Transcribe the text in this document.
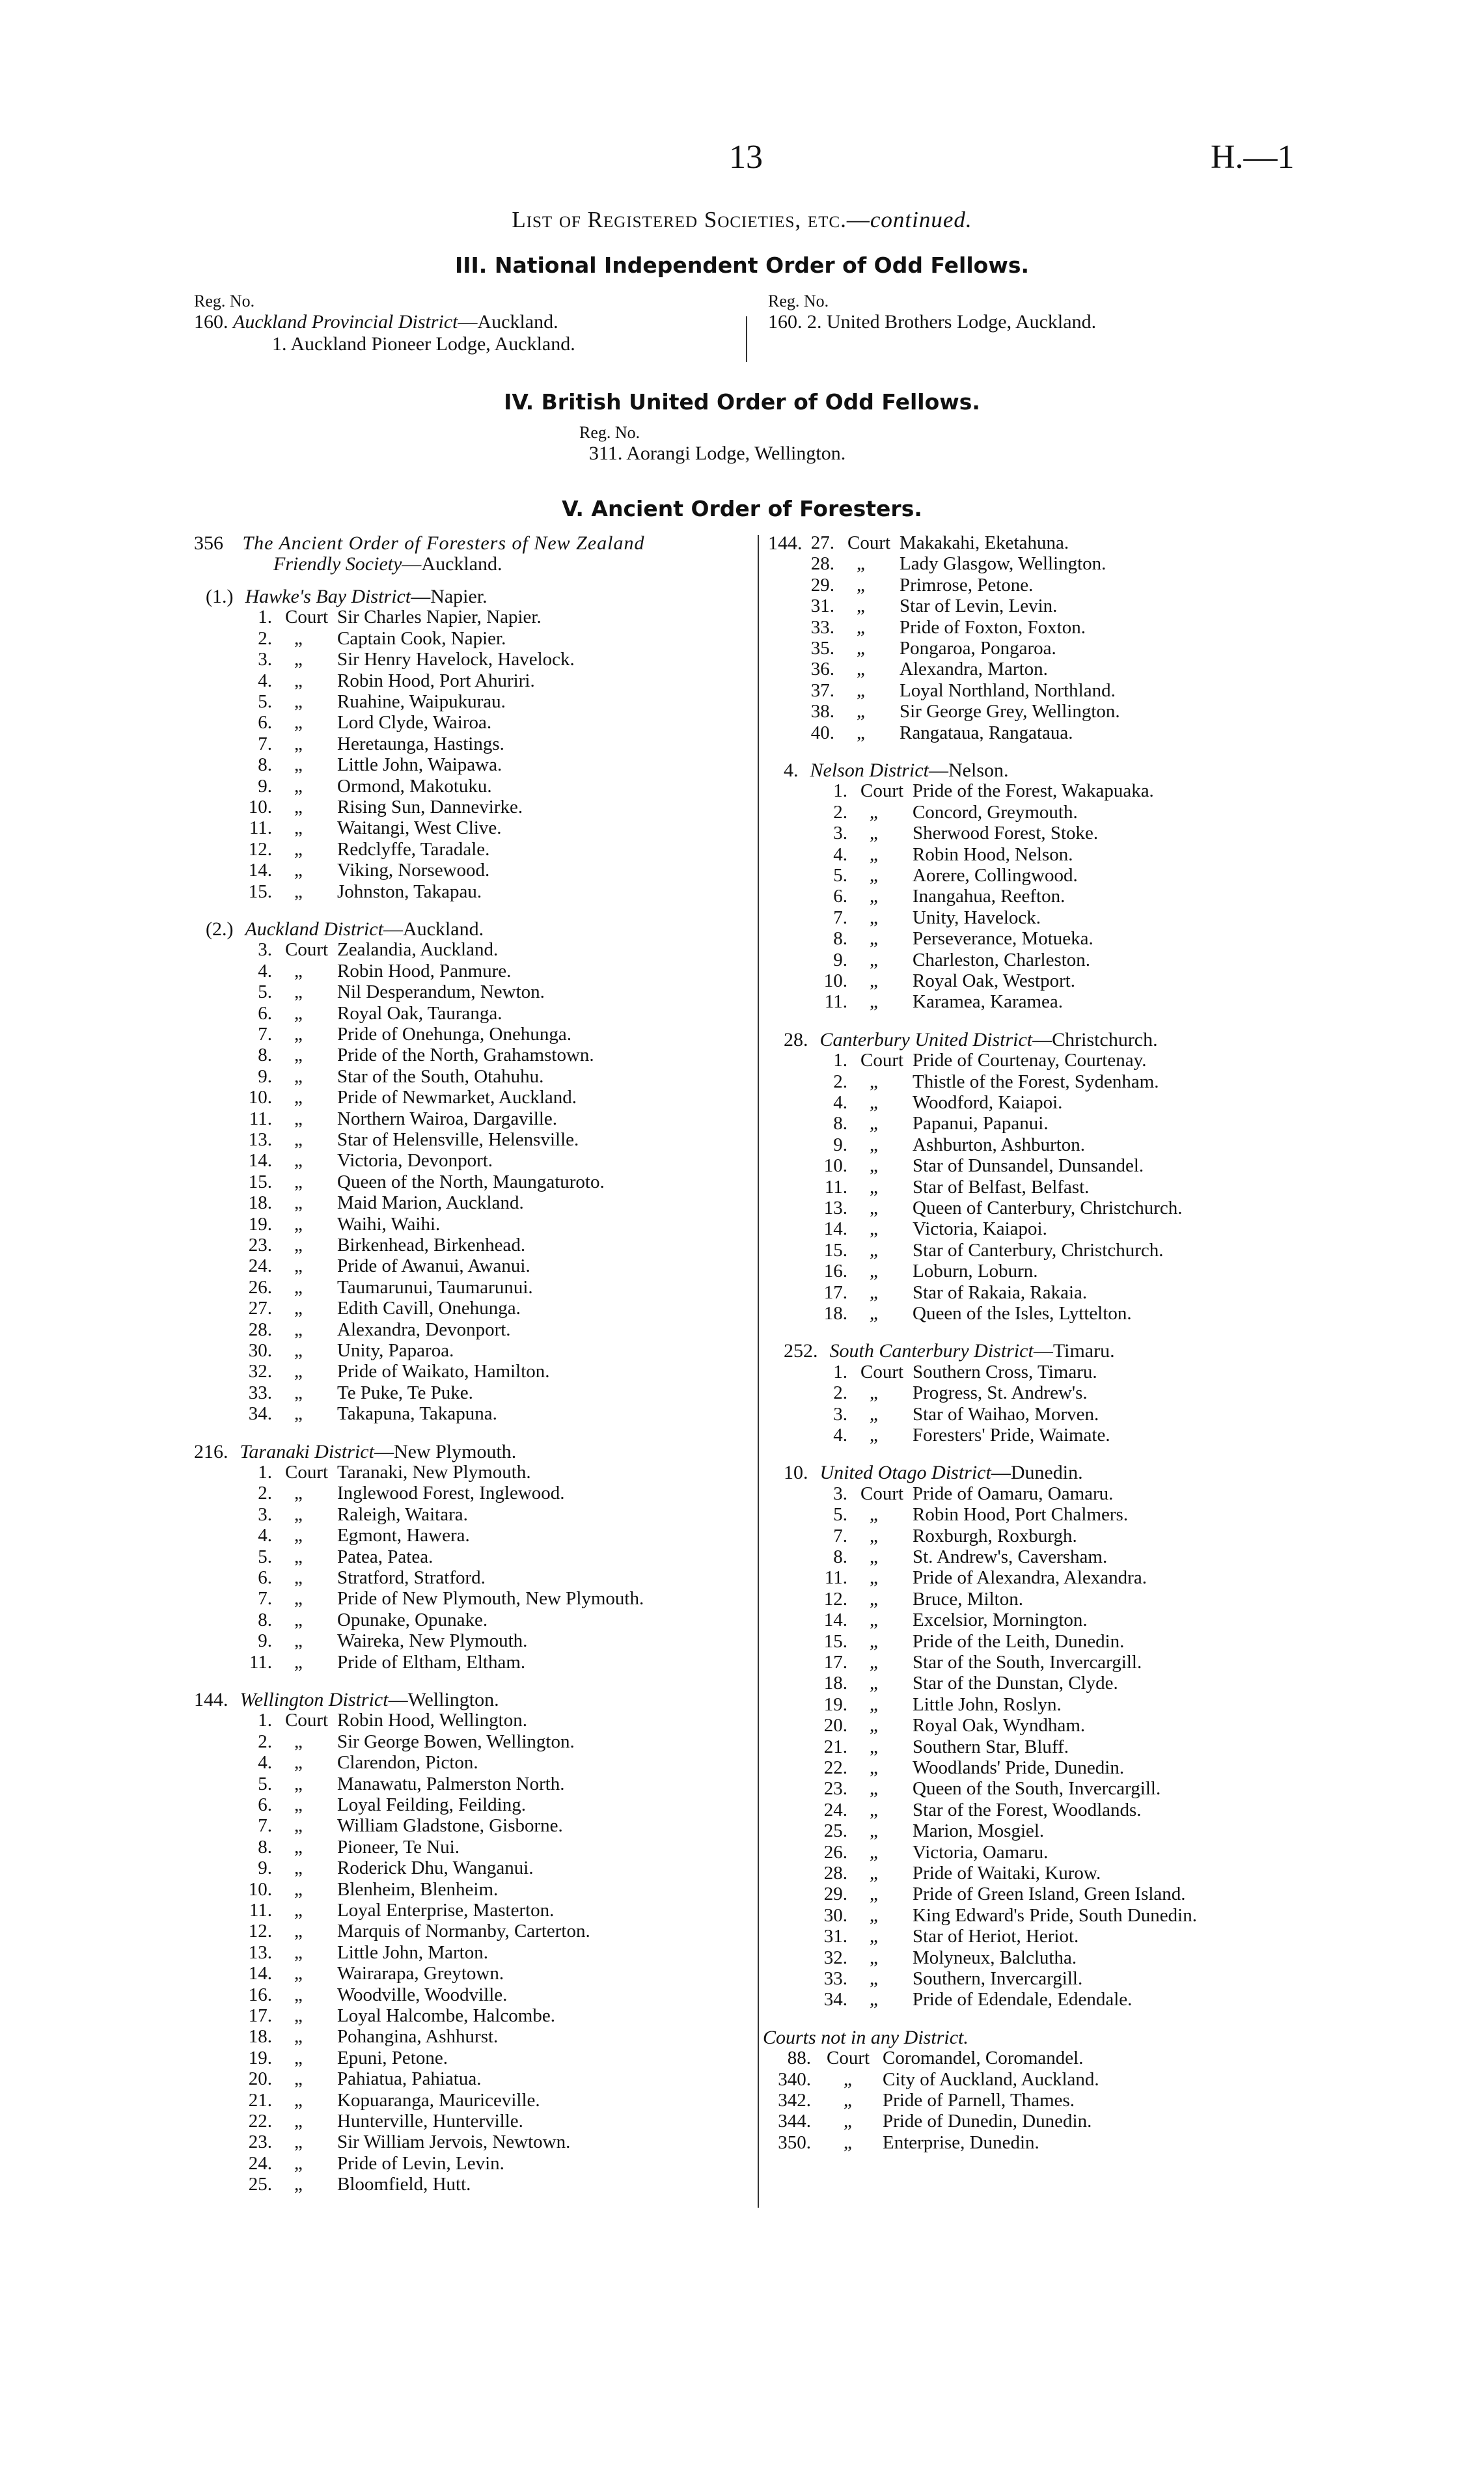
13	H.—1
List of Registered Societies, etc.—continued.
III. National Independent Order of Odd Fellows.
Reg. No.
160. Auckland Provincial District—Auckland.
1. Auckland Pioneer Lodge, Auckland.
Reg. No.
160. 2. United Brothers Lodge, Auckland.
IV. British United Order of Odd Fellows.
Reg. No.
311. Aorangi Lodge, Wellington.
V. Ancient Order of Foresters.
356 The Ancient Order of Foresters of New Zealand
Friendly Society—Auckland.
(1.) Hawke's Bay District—Napier.
1. Court Sir Charles Napier, Napier.
2. „ Captain Cook, Napier.
3. „ Sir Henry Havelock, Havelock.
4. „ Robin Hood, Port Ahuriri.
5. „ Ruahine, Waipukurau.
6. „ Lord Clyde, Wairoa.
7. „ Heretaunga, Hastings.
8. „ Little John, Waipawa.
9. „ Ormond, Makotuku.
10. „ Rising Sun, Dannevirke.
11. „ Waitangi, West Clive.
12. „ Redclyffe, Taradale.
14. „ Viking, Norsewood.
15. „ Johnston, Takapau.
(2.) Auckland District—Auckland.
3. Court Zealandia, Auckland.
4. „ Robin Hood, Panmure.
5. „ Nil Desperandum, Newton.
6. „ Royal Oak, Tauranga.
7. „ Pride of Onehunga, Onehunga.
8. „ Pride of the North, Grahamstown.
9. „ Star of the South, Otahuhu.
10. „ Pride of Newmarket, Auckland.
11. „ Northern Wairoa, Dargaville.
13. „ Star of Helensville, Helensville.
14. „ Victoria, Devonport.
15. „ Queen of the North, Maungaturoto.
18. „ Maid Marion, Auckland.
19. „ Waihi, Waihi.
23. „ Birkenhead, Birkenhead.
24. „ Pride of Awanui, Awanui.
26. „ Taumarunui, Taumarunui.
27. „ Edith Cavill, Onehunga.
28. „ Alexandra, Devonport.
30. „ Unity, Paparoa.
32. „ Pride of Waikato, Hamilton.
33. „ Te Puke, Te Puke.
34. „ Takapuna, Takapuna.
216. Taranaki District—New Plymouth.
1. Court Taranaki, New Plymouth.
2. „ Inglewood Forest, Inglewood.
3. „ Raleigh, Waitara.
4. „ Egmont, Hawera.
5. „ Patea, Patea.
6. „ Stratford, Stratford.
7. „ Pride of New Plymouth, New Plymouth.
8. „ Opunake, Opunake.
9. „ Waireka, New Plymouth.
11. „ Pride of Eltham, Eltham.
144. Wellington District—Wellington.
1. Court Robin Hood, Wellington.
2. „ Sir George Bowen, Wellington.
4. „ Clarendon, Picton.
5. „ Manawatu, Palmerston North.
6. „ Loyal Feilding, Feilding.
7. „ William Gladstone, Gisborne.
8. „ Pioneer, Te Nui.
9. „ Roderick Dhu, Wanganui.
10. „ Blenheim, Blenheim.
11. „ Loyal Enterprise, Masterton.
12. „ Marquis of Normanby, Carterton.
13. „ Little John, Marton.
14. „ Wairarapa, Greytown.
16. „ Woodville, Woodville.
17. „ Loyal Halcombe, Halcombe.
18. „ Pohangina, Ashhurst.
19. „ Epuni, Petone.
20. „ Pahiatua, Pahiatua.
21. „ Kopuaranga, Mauriceville.
22. „ Hunterville, Hunterville.
23. „ Sir William Jervois, Newtown.
24. „ Pride of Levin, Levin.
25. „ Bloomfield, Hutt.
144. 27. Court Makakahi, Eketahuna.
28. „ Lady Glasgow, Wellington.
29. „ Primrose, Petone.
31. „ Star of Levin, Levin.
33. „ Pride of Foxton, Foxton.
35. „ Pongaroa, Pongaroa.
36. „ Alexandra, Marton.
37. „ Loyal Northland, Northland.
38. „ Sir George Grey, Wellington.
40. „ Rangataua, Rangataua.
4. Nelson District—Nelson.
1. Court Pride of the Forest, Wakapuaka.
2. „ Concord, Greymouth.
3. „ Sherwood Forest, Stoke.
4. „ Robin Hood, Nelson.
5. „ Aorere, Collingwood.
6. „ Inangahua, Reefton.
7. „ Unity, Havelock.
8. „ Perseverance, Motueka.
9. „ Charleston, Charleston.
10. „ Royal Oak, Westport.
11. „ Karamea, Karamea.
28. Canterbury United District—Christchurch.
1. Court Pride of Courtenay, Courtenay.
2. „ Thistle of the Forest, Sydenham.
4. „ Woodford, Kaiapoi.
8. „ Papanui, Papanui.
9. „ Ashburton, Ashburton.
10. „ Star of Dunsandel, Dunsandel.
11. „ Star of Belfast, Belfast.
13. „ Queen of Canterbury, Christchurch.
14. „ Victoria, Kaiapoi.
15. „ Star of Canterbury, Christchurch.
16. „ Loburn, Loburn.
17. „ Star of Rakaia, Rakaia.
18. „ Queen of the Isles, Lyttelton.
252. South Canterbury District—Timaru.
1. Court Southern Cross, Timaru.
2. „ Progress, St. Andrew's.
3. „ Star of Waihao, Morven.
4. „ Foresters' Pride, Waimate.
10. United Otago District—Dunedin.
3. Court Pride of Oamaru, Oamaru.
5. „ Robin Hood, Port Chalmers.
7. „ Roxburgh, Roxburgh.
8. „ St. Andrew's, Caversham.
11. „ Pride of Alexandra, Alexandra.
12. „ Bruce, Milton.
14. „ Excelsior, Mornington.
15. „ Pride of the Leith, Dunedin.
17. „ Star of the South, Invercargill.
18. „ Star of the Dunstan, Clyde.
19. „ Little John, Roslyn.
20. „ Royal Oak, Wyndham.
21. „ Southern Star, Bluff.
22. „ Woodlands' Pride, Dunedin.
23. „ Queen of the South, Invercargill.
24. „ Star of the Forest, Woodlands.
25. „ Marion, Mosgiel.
26. „ Victoria, Oamaru.
28. „ Pride of Waitaki, Kurow.
29. „ Pride of Green Island, Green Island.
30. „ King Edward's Pride, South Dunedin.
31. „ Star of Heriot, Heriot.
32. „ Molyneux, Balclutha.
33. „ Southern, Invercargill.
34. „ Pride of Edendale, Edendale.
Courts not in any District.
88. Court Coromandel, Coromandel.
340. „ City of Auckland, Auckland.
342. „ Pride of Parnell, Thames.
344. „ Pride of Dunedin, Dunedin.
350. „ Enterprise, Dunedin.
